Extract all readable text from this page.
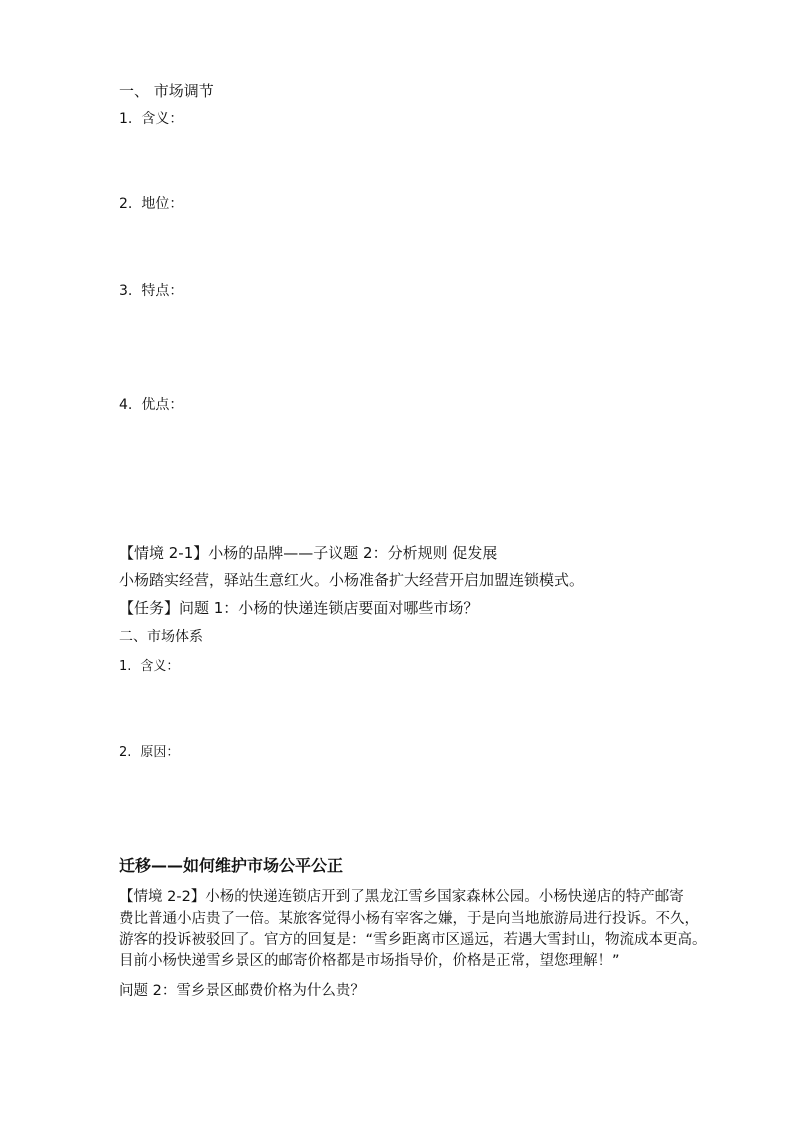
一、 市场调节
1. 含义：
2. 地位：
3. 特点：
4. 优点：
【情境 2-1】小杨的品牌——子议题 2：分析规则 促发展
小杨踏实经营，驿站生意红火。小杨准备扩大经营开启加盟连锁模式。
【任务】问题 1：小杨的快递连锁店要面对哪些市场？
二、市场体系
1. 含义：
2. 原因：
迁移——如何维护市场公平公正
【情境 2-2】小杨的快递连锁店开到了黑龙江雪乡国家森林公园。小杨快递店的特产邮寄
费比普通小店贵了一倍。某旅客觉得小杨有宰客之嫌，于是向当地旅游局进行投诉。不久，
游客的投诉被驳回了。官方的回复是：“雪乡距离市区遥远，若遇大雪封山，物流成本更高。
目前小杨快递雪乡景区的邮寄价格都是市场指导价，价格是正常，望您理解！”
问题 2：雪乡景区邮费价格为什么贵？
